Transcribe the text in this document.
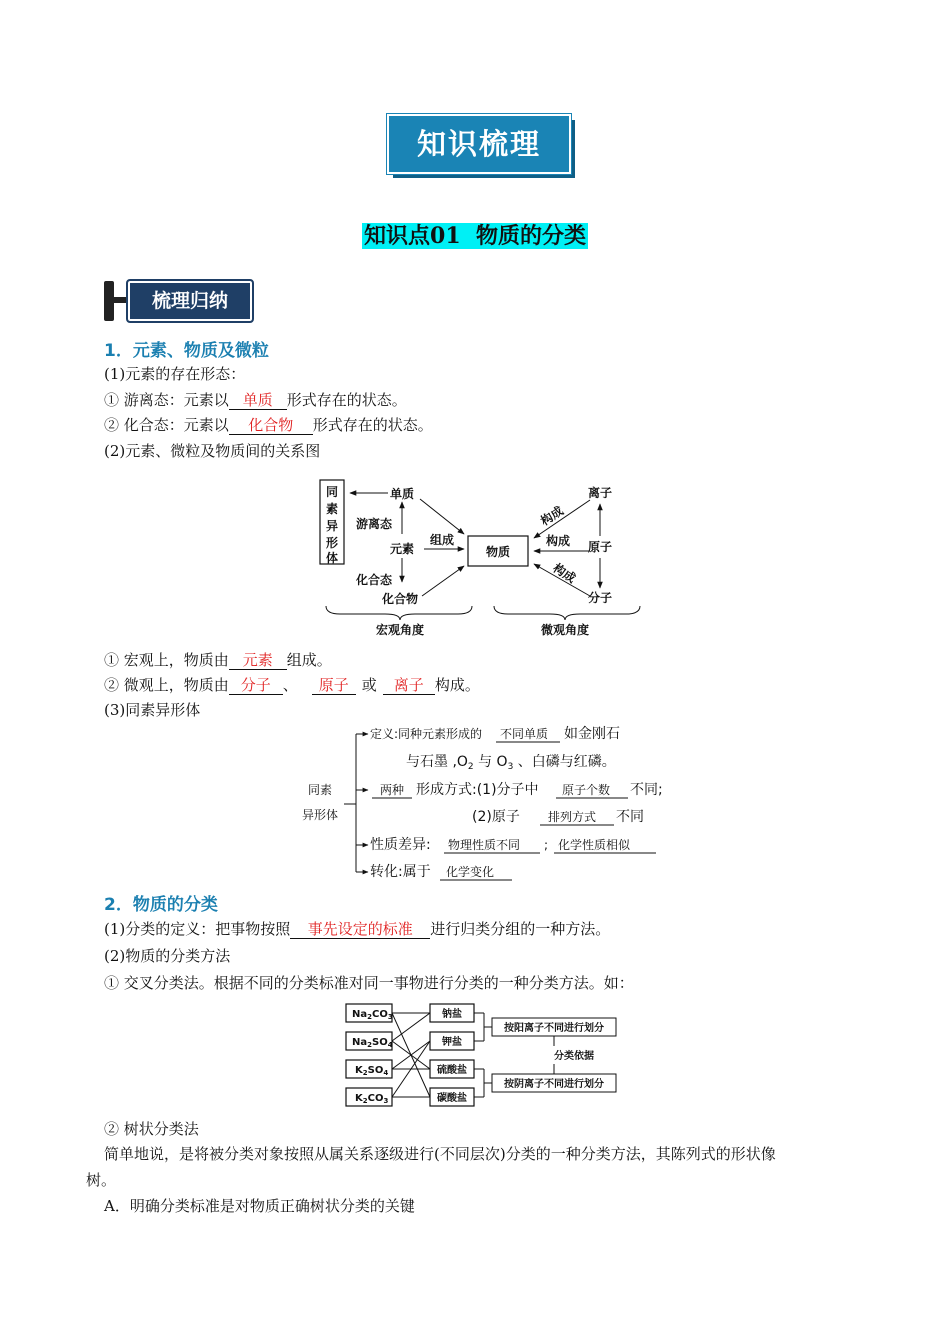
知识梳理
知识点01  物质的分类
梳理归纳
1．元素、物质及微粒
(1)元素的存在形态：
① 游离态：元素以 单质 形式存在的状态。
② 化合态：元素以 化合物 形式存在的状态。
(2)元素、微粒及物质间的关系图
同
素
异
形
体
单质
游离态
元素
化合态
化合物
组成
物质
构成
构成
构成
离子
原子
分子
宏观角度	微观角度
① 宏观上，物质由 元素 组成。
② 微观上，物质由 分子 、 原子 或 离子 构成。
(3)同素异形体
同素
异形体
定义:同种元素形成的 不同单质 如金刚石
与石墨 $,O_2$ 与 $O_3$ 、白磷与红磷。
两种 形成方式:(1)分子中 原子个数 不同;
(2)原子 排列方式 不同
性质差异: 物理性质不同 ; 化学性质相似
转化:属于 化学变化
2．物质的分类
(1)分类的定义：把事物按照 事先设定的标准 进行归类分组的一种方法。
(2)物质的分类方法
① 交叉分类法。根据不同的分类标准对同一事物进行分类的一种分类方法。如：
$Na_2CO_3$
$Na_2SO_4$
$K_2SO_4$
$K_2CO_3$
钠盐
钾盐
硫酸盐
碳酸盐
按阳离子不同进行划分
按阴离子不同进行划分
分类依据
② 树状分类法
简单地说，是将被分类对象按照从属关系逐级进行(不同层次)分类的一种分类方法，其陈列式的形状像
树。
A．明确分类标准是对物质正确树状分类的关键
